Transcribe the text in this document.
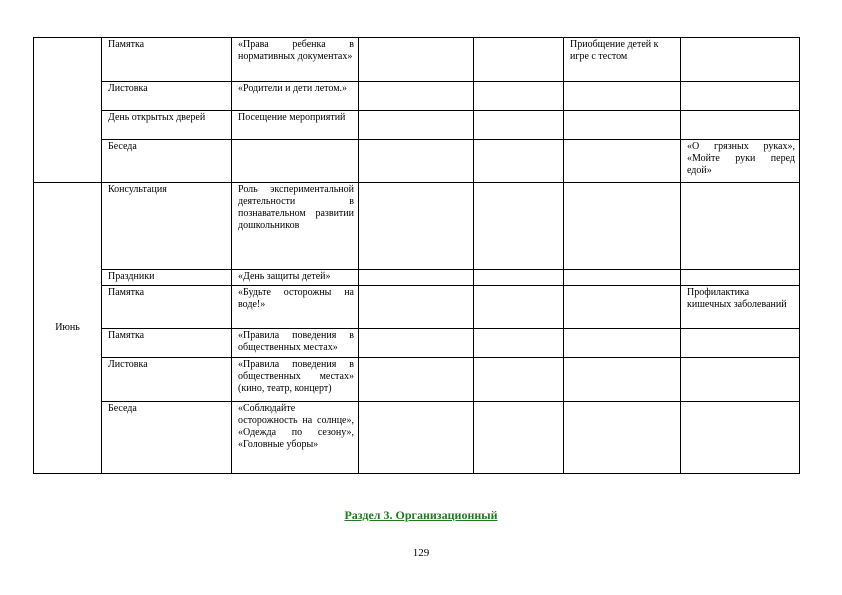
	Памятка	«Права ребенка в нормативных документах»			Приобщение детей к игре с тестом	
	Листовка	«Родители и дети летом.»				
	День открытых дверей	Посещение мероприятий				
	Беседа					«О грязных руках», «Мойте руки перед едой»
Июнь	Консультация	Роль экспериментальной деятельности в познавательном развитии дошкольников				
	Праздники	«День защиты детей»				
	Памятка	«Будьте осторожны на воде!»				Профилактика кишечных заболеваний
	Памятка	«Правила поведения в общественных местах»				
	Листовка	«Правила поведения в общественных местах» (кино, театр, концерт)				
	Беседа	«Соблюдайте осторожность на солнце», «Одежда по сезону», «Головные уборы»				
Раздел 3. Организационный
129
